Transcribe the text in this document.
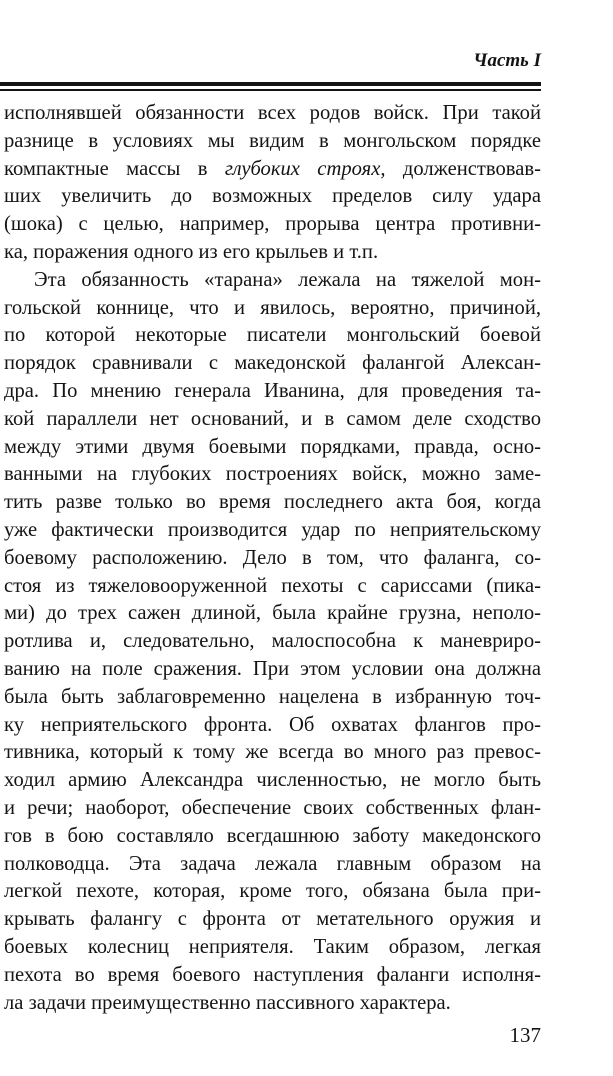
Часть I
исполнявшей обязанности всех родов войск. При такой
разнице в условиях мы видим в монгольском порядке
компактные массы в глубоких строях, долженствовав-
ших увеличить до возможных пределов силу удара
(шока) с целью, например, прорыва центра противни-
ка, поражения одного из его крыльев и т.п.
Эта обязанность «тарана» лежала на тяжелой мон-
гольской коннице, что и явилось, вероятно, причиной,
по которой некоторые писатели монгольский боевой
порядок сравнивали с македонской фалангой Алексан-
дра. По мнению генерала Иванина, для проведения та-
кой параллели нет оснований, и в самом деле сходство
между этими двумя боевыми порядками, правда, осно-
ванными на глубоких построениях войск, можно заме-
тить разве только во время последнего акта боя, когда
уже фактически производится удар по неприятельскому
боевому расположению. Дело в том, что фаланга, со-
стоя из тяжеловооруженной пехоты с сариссами (пика-
ми) до трех сажен длиной, была крайне грузна, неполо-
ротлива и, следовательно, малоспособна к маневриро-
ванию на поле сражения. При этом условии она должна
была быть заблаговременно нацелена в избранную точ-
ку неприятельского фронта. Об охватах флангов про-
тивника, который к тому же всегда во много раз превос-
ходил армию Александра численностью, не могло быть
и речи; наоборот, обеспечение своих собственных флан-
гов в бою составляло всегдашнюю заботу македонского
полководца. Эта задача лежала главным образом на
легкой пехоте, которая, кроме того, обязана была при-
крывать фалангу с фронта от метательного оружия и
боевых колесниц неприятеля. Таким образом, легкая
пехота во время боевого наступления фаланги исполня-
ла задачи преимущественно пассивного характера.
137
